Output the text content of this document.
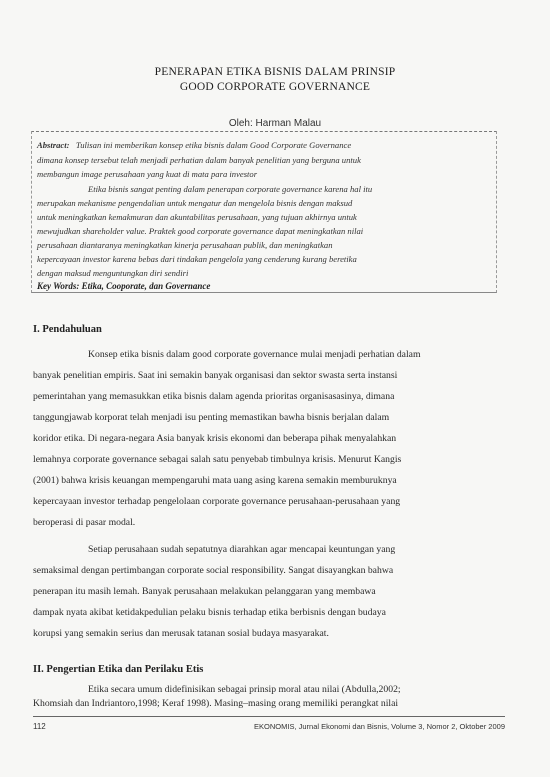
PENERAPAN ETIKA BISNIS DALAM PRINSIP
GOOD CORPORATE GOVERNANCE
Oleh: Harman Malau
Abstract: Tulisan ini memberikan konsep etika bisnis dalam Good Corporate Governance
dimana konsep tersebut telah menjadi perhatian dalam banyak penelitian yang berguna untuk
membangun image perusahaan yang kuat di mata para investor
Etika bisnis sangat penting dalam penerapan corporate governance karena hal itu
merupakan mekanisme pengendalian untuk mengatur dan mengelola bisnis dengan maksud
untuk meningkatkan kemakmuran dan akuntabilitas perusahaan, yang tujuan akhirnya untuk
mewujudkan shareholder value. Praktek good corporate governance dapat meningkatkan nilai
perusahaan diantaranya meningkatkan kinerja perusahaan publik, dan meningkatkan
kepercayaan investor karena bebas dari tindakan pengelola yang cenderung kurang beretika
dengan maksud menguntungkan diri sendiri
Key Words: Etika, Cooporate, dan Governance
I. Pendahuluan
Konsep etika bisnis dalam good corporate governance mulai menjadi perhatian dalam
banyak penelitian empiris. Saat ini semakin banyak organisasi dan sektor swasta serta instansi
pemerintahan yang memasukkan etika bisnis dalam agenda prioritas organisasasinya, dimana
tanggungjawab korporat telah menjadi isu penting memastikan bawha bisnis berjalan dalam
koridor etika. Di negara-negara Asia banyak krisis ekonomi dan beberapa pihak menyalahkan
lemahnya corporate governance sebagai salah satu penyebab timbulnya krisis. Menurut Kangis
(2001) bahwa krisis keuangan mempengaruhi mata uang asing karena semakin memburuknya
kepercayaan investor terhadap pengelolaan corporate governance perusahaan-perusahaan yang
beroperasi di pasar modal.
Setiap perusahaan sudah sepatutnya diarahkan agar mencapai keuntungan yang
semaksimal dengan pertimbangan corporate social responsibility. Sangat disayangkan bahwa
penerapan itu masih lemah. Banyak perusahaan melakukan pelanggaran yang membawa
dampak nyata akibat ketidakpedulian pelaku bisnis terhadap etika berbisnis dengan budaya
korupsi yang semakin serius dan merusak tatanan sosial budaya masyarakat.
II. Pengertian Etika dan Perilaku Etis
Etika secara umum didefinisikan sebagai prinsip moral atau nilai (Abdulla,2002;
Khomsiah dan Indriantoro,1998; Keraf 1998). Masing–masing orang memiliki perangkat nilai
112	EKONOMIS, Jurnal Ekonomi dan Bisnis, Volume 3, Nomor 2, Oktober 2009
